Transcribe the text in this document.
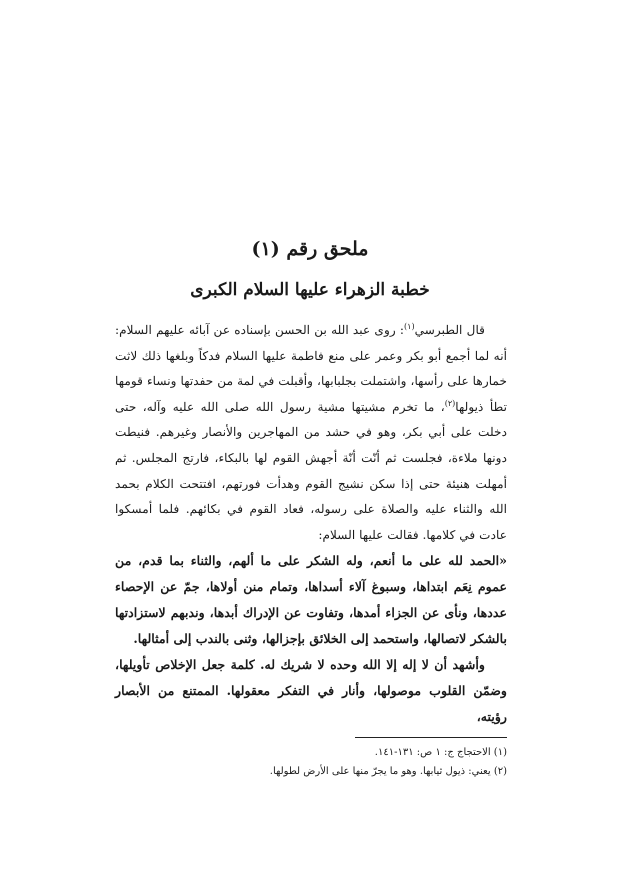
ملحق رقم (١)
خطبة الزهراء عليها السلام الكبرى

قال الطبرسي$^{(١)}$: روى عبد الله بن الحسن بإسناده عن آبائه عليهم السلام: أنه لما أجمع أبو بكر وعمر على منع فاطمة عليها السلام فدكاً وبلغها ذلك لاثت خمارها على رأسها، واشتملت بجلبابها، وأقبلت في لمة من حفدتها ونساء قومها تطأ ذيولها$^{(٢)}$، ما تخرم مشيتها مشية رسول الله صلى الله عليه وآله، حتى دخلت على أبي بكر، وهو في حشد من المهاجرين والأنصار وغيرهم. فنيطت دونها ملاءة، فجلست ثم أنّت أنّة أجهش القوم لها بالبكاء، فارتج المجلس. ثم أمهلت هنيئة حتى إذا سكن نشيج القوم وهدأت فورتهم، افتتحت الكلام بحمد الله والثناء عليه والصلاة على رسوله، فعاد القوم في بكائهم. فلما أمسكوا عادت في كلامها. فقالت عليها السلام:

«الحمد لله على ما أنعم، وله الشكر على ما ألهم، والثناء بما قدم، من عموم نِعَم ابتداها، وسبوغ آلاء أسداها، وتمام منن أولاها، جمّ عن الإحصاء عددها، ونأى عن الجزاء أمدها، وتفاوت عن الإدراك أبدها، وندبهم لاستزادتها بالشكر لاتصالها، واستحمد إلى الخلائق بإجزالها، وثنى بالندب إلى أمثالها.

وأشهد أن لا إله إلا الله وحده لا شريك له. كلمة جعل الإخلاص تأويلها، وضمّن القلوب موصولها، وأنار في التفكر معقولها. الممتنع من الأبصار رؤيته،

(١) الاحتجاج ج: ١ ص: ١٣١-١٤١.
(٢) يعني: ذيول ثيابها. وهو ما يجرّ منها على الأرض لطولها.
